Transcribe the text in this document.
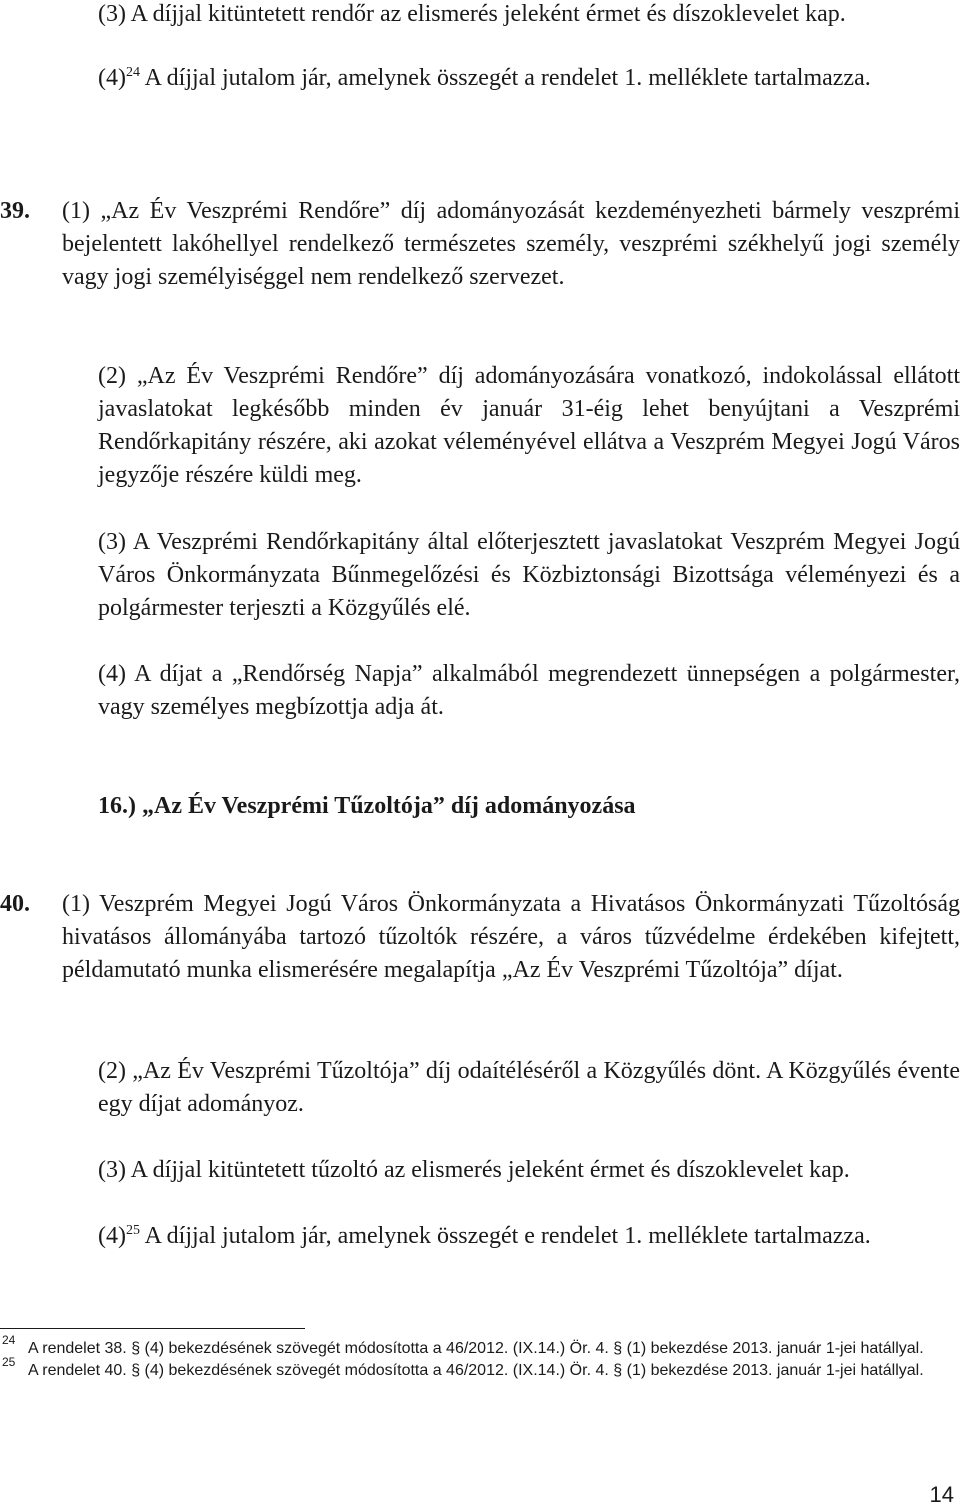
(3) A díjjal kitüntetett rendőr az elismerés jeleként érmet és díszoklevelet kap.
$(4)^{24}$ A díjjal jutalom jár, amelynek összegét a rendelet 1. melléklete tartalmazza.
39.	(1) „Az Év Veszprémi Rendőre” díj adományozását kezdeményezheti bármely veszprémi bejelentett lakóhellyel rendelkező természetes személy, veszprémi székhelyű jogi személy vagy jogi személyiséggel nem rendelkező szervezet.
(2) „Az Év Veszprémi Rendőre” díj adományozására vonatkozó, indokolással ellátott javaslatokat legkésőbb minden év január 31-éig lehet benyújtani a Veszprémi Rendőrkapitány részére, aki azokat véleményével ellátva a Veszprém Megyei Jogú Város jegyzője részére küldi meg.
(3) A Veszprémi Rendőrkapitány által előterjesztett javaslatokat Veszprém Megyei Jogú Város Önkormányzata Bűnmegelőzési és Közbiztonsági Bizottsága véleményezi és a polgármester terjeszti a Közgyűlés elé.
(4) A díjat a „Rendőrség Napja” alkalmából megrendezett ünnepségen a polgármester, vagy személyes megbízottja adja át.
16.) „Az Év Veszprémi Tűzoltója” díj adományozása
40.	(1) Veszprém Megyei Jogú Város Önkormányzata a Hivatásos Önkormányzati Tűzoltóság hivatásos állományába tartozó tűzoltók részére, a város tűzvédelme érdekében kifejtett, példamutató munka elismerésére megalapítja „Az Év Veszprémi Tűzoltója” díjat.
(2) „Az Év Veszprémi Tűzoltója” díj odaítéléséről a Közgyűlés dönt. A Közgyűlés évente egy díjat adományoz.
(3) A díjjal kitüntetett tűzoltó az elismerés jeleként érmet és díszoklevelet kap.
$(4)^{25}$ A díjjal jutalom jár, amelynek összegét e rendelet 1. melléklete tartalmazza.
24 A rendelet 38. § (4) bekezdésének szövegét módosította a 46/2012. (IX.14.) Ör. 4. § (1) bekezdése 2013. január 1-jei hatállyal.
25 A rendelet 40. § (4) bekezdésének szövegét módosította a 46/2012. (IX.14.) Ör. 4. § (1) bekezdése 2013. január 1-jei hatállyal.
14
